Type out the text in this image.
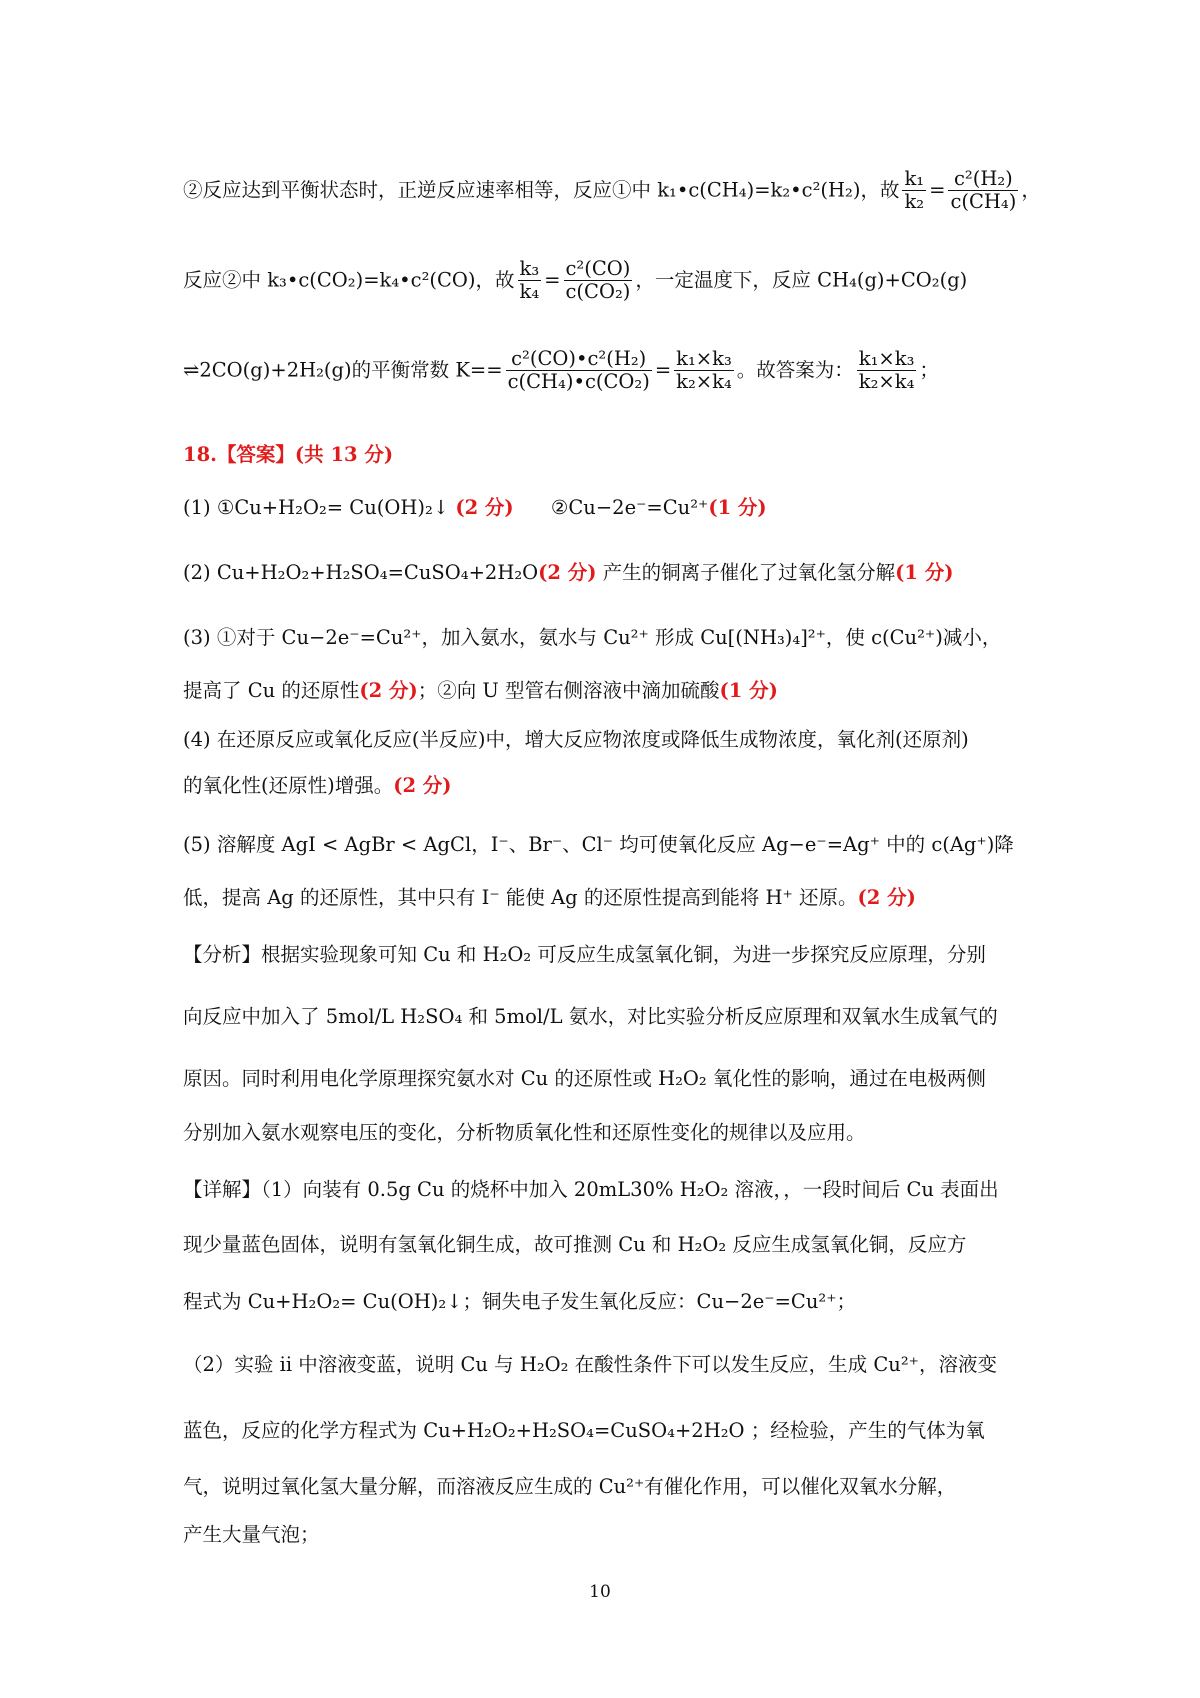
②反应达到平衡状态时，正逆反应速率相等，反应①中 k₁•c(CH₄)=k₂•c²(H₂)，故 $\frac{\text{k₁}}{\text{k₂}} = \frac{\text{c²(H₂)}}{\text{c(CH₄)}}$ ，
反应②中 k₃•c(CO₂)=k₄•c²(CO)，故 $\frac{\text{k₃}}{\text{k₄}} = \frac{\text{c²(CO)}}{\text{c(CO₂)}}$ ，一定温度下，反应 CH₄(g)+CO₂(g)
⇌2CO(g)+2H₂(g)的平衡常数 $K== \frac{\text{c²(CO)•c²(H₂)}}{\text{c(CH₄)•c(CO₂)}} = \frac{\text{k₁×k₃}}{\text{k₂×k₄}}$ 。故答案为： $\frac{\text{k₁×k₃}}{\text{k₂×k₄}}$ ；
18.【答案】(共 13 分)
(1) ①Cu+H₂O₂= Cu(OH)₂↓ (2 分) ②Cu−2e⁻=Cu²⁺(1 分)
(2) Cu+H₂O₂+H₂SO₄=CuSO₄+2H₂O(2 分) 产生的铜离子催化了过氧化氢分解(1 分)
(3) ①对于 Cu−2e⁻=Cu²⁺，加入氨水，氨水与 Cu²⁺ 形成 Cu[(NH₃)₄]²⁺，使 c(Cu²⁺)减小，
提高了 Cu 的还原性(2 分)；②向 U 型管右侧溶液中滴加硫酸(1 分)
(4) 在还原反应或氧化反应(半反应)中，增大反应物浓度或降低生成物浓度，氧化剂(还原剂)
的氧化性(还原性)增强。(2 分)
(5) 溶解度 AgI < AgBr < AgCl，I⁻、Br⁻、Cl⁻ 均可使氧化反应 Ag−e⁻=Ag⁺ 中的 c(Ag⁺)降
低，提高 Ag 的还原性，其中只有 I⁻ 能使 Ag 的还原性提高到能将 H⁺ 还原。(2 分)
【分析】根据实验现象可知 Cu 和 H₂O₂ 可反应生成氢氧化铜，为进一步探究反应原理，分别
向反应中加入了 5mol/L H₂SO₄ 和 5mol/L 氨水，对比实验分析反应原理和双氧水生成氧气的
原因。同时利用电化学原理探究氨水对 Cu 的还原性或 H₂O₂ 氧化性的影响，通过在电极两侧
分别加入氨水观察电压的变化，分析物质氧化性和还原性变化的规律以及应用。
【详解】（1）向装有 0.5g Cu 的烧杯中加入 20mL30% H₂O₂ 溶液，，一段时间后 Cu 表面出
现少量蓝色固体，说明有氢氧化铜生成，故可推测 Cu 和 H₂O₂ 反应生成氢氧化铜，反应方
程式为 Cu+H₂O₂= Cu(OH)₂↓；铜失电子发生氧化反应：Cu−2e⁻=Cu²⁺；
（2）实验 ii 中溶液变蓝，说明 Cu 与 H₂O₂ 在酸性条件下可以发生反应，生成 Cu²⁺，溶液变
蓝色，反应的化学方程式为 Cu+H₂O₂+H₂SO₄=CuSO₄+2H₂O ；经检验，产生的气体为氧
气，说明过氧化氢大量分解，而溶液反应生成的 Cu²⁺有催化作用，可以催化双氧水分解，
产生大量气泡；
10
